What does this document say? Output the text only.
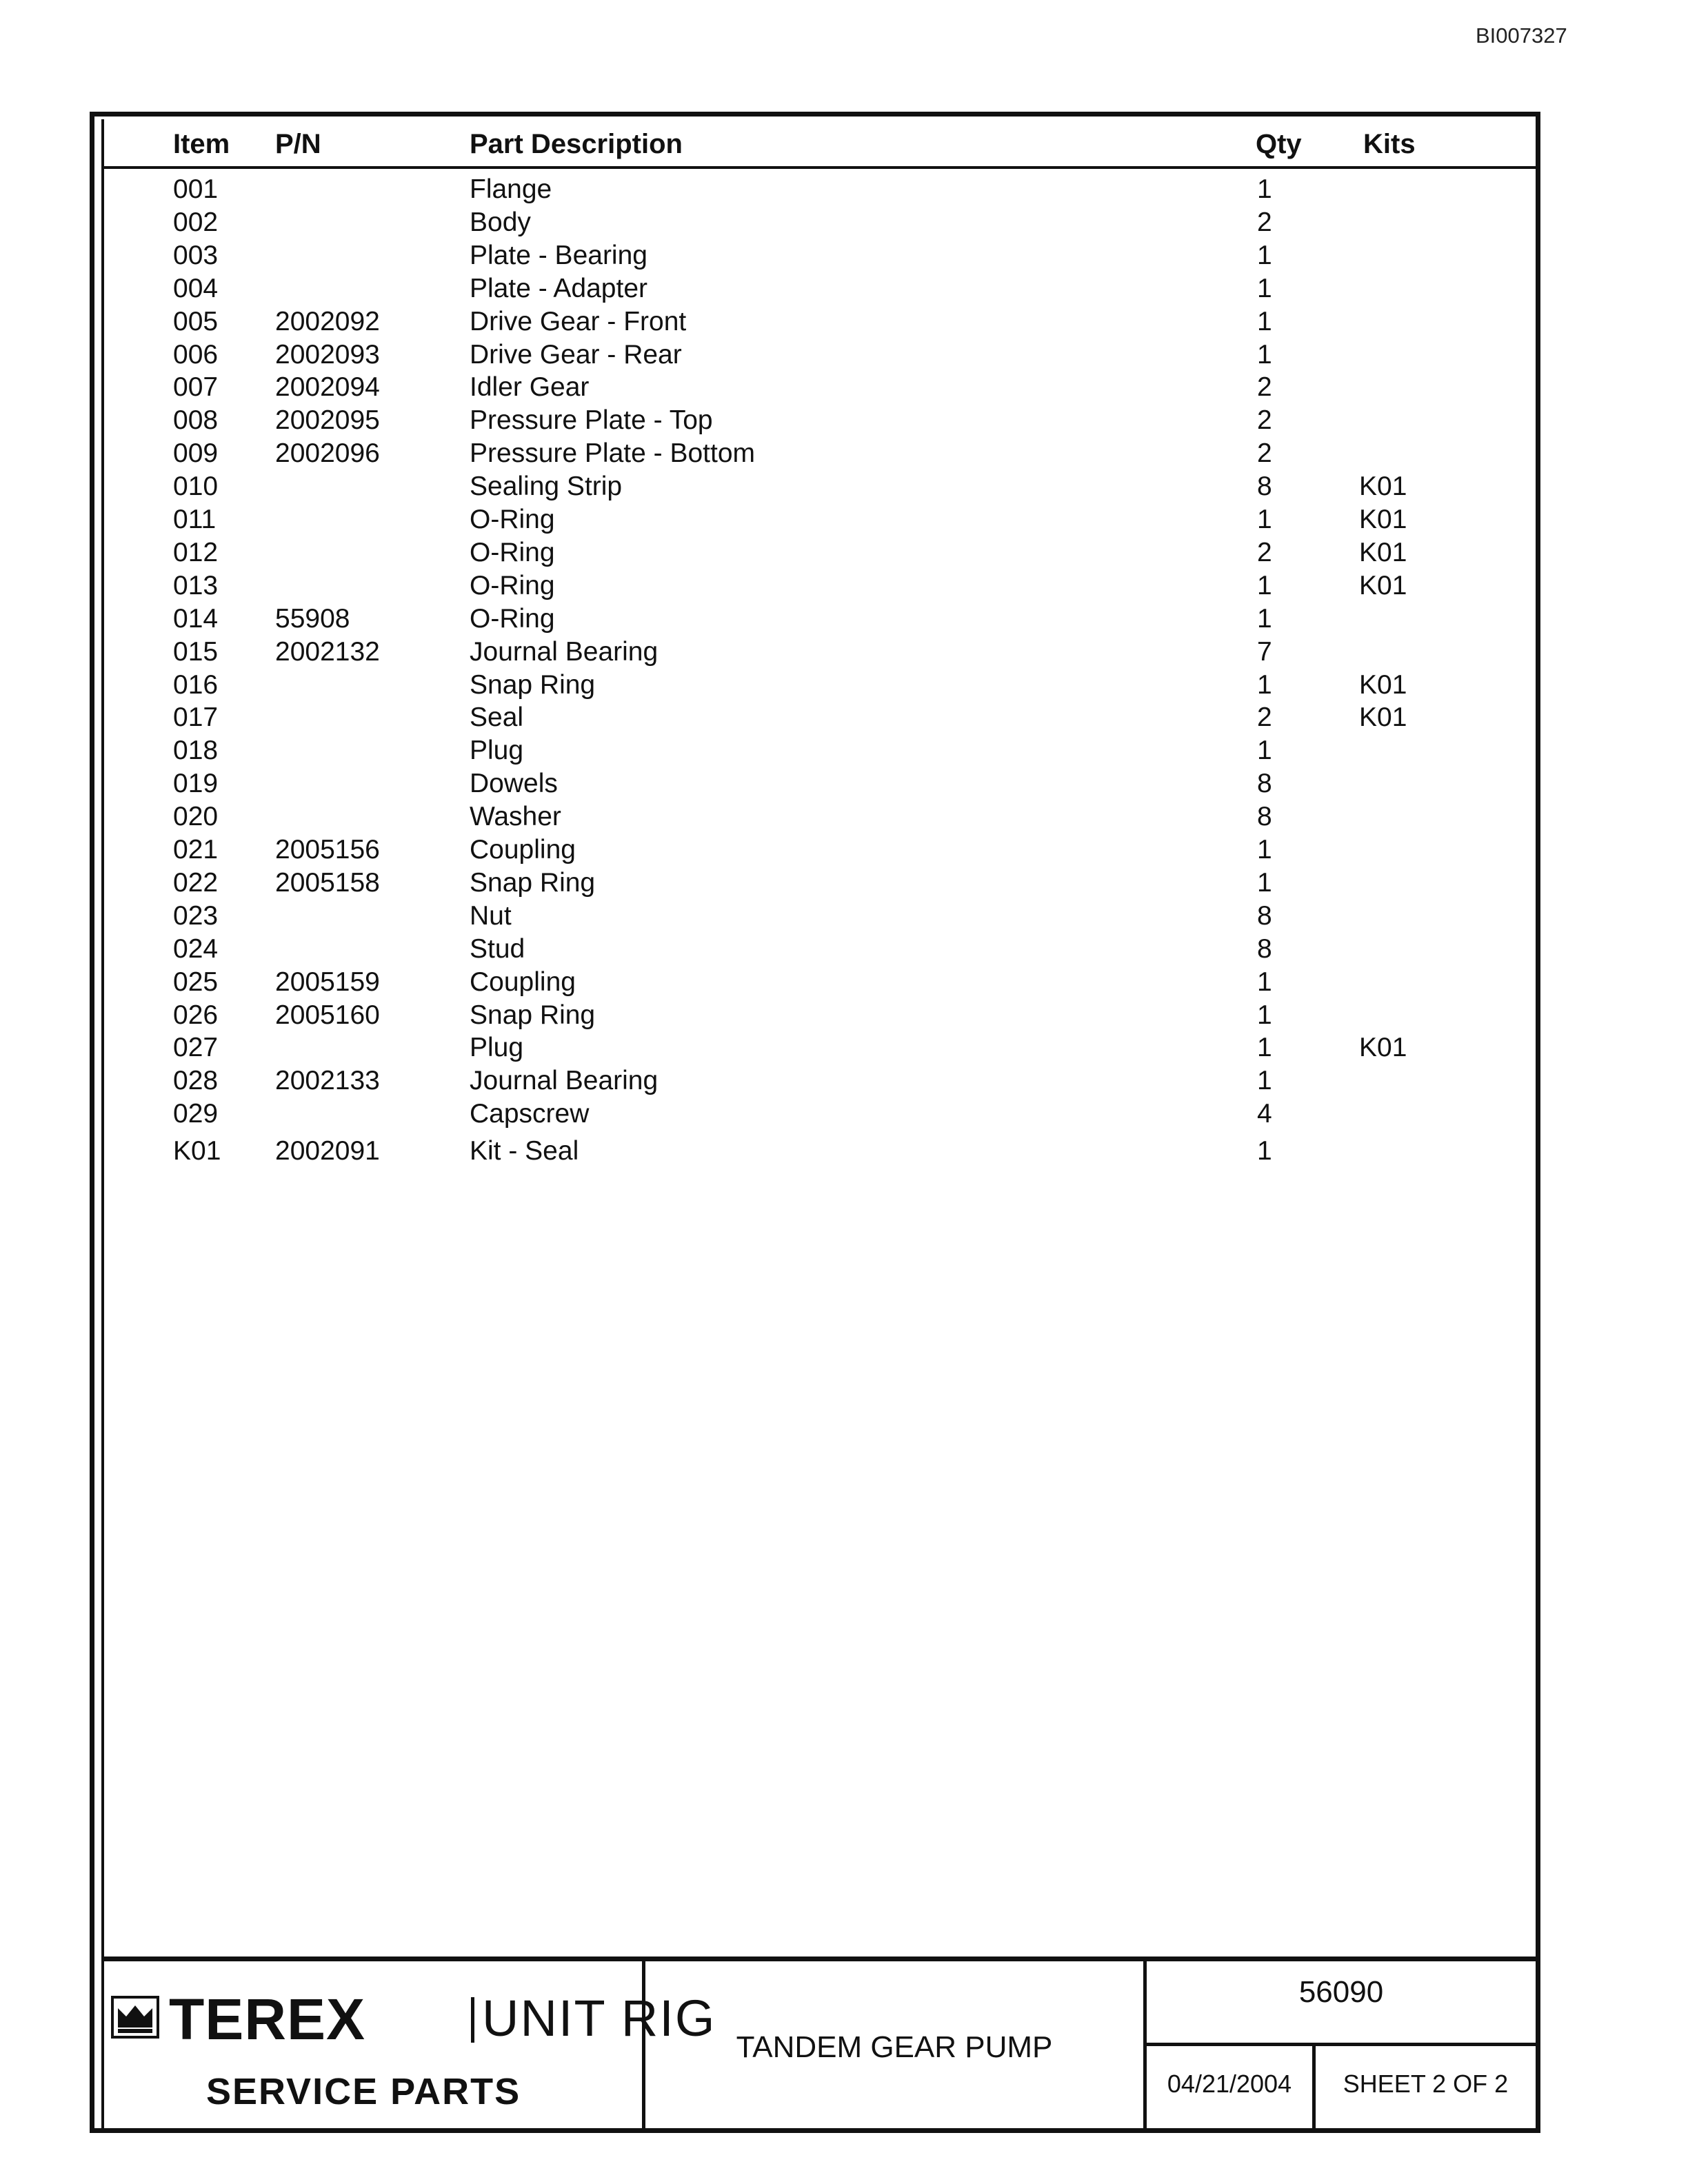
BI007327
Item P/N	Part Description	Qty Kits
001	Flange	1
002	Body	2
003	Plate - Bearing	1
004	Plate - Adapter	1
005 2002092	Drive Gear - Front	1
006 2002093	Drive Gear - Rear	1
007 2002094	Idler Gear	2
008 2002095	Pressure Plate - Top	2
009 2002096	Pressure Plate - Bottom	2
010	Sealing Strip	8	K01
011	O-Ring	1	K01
012	O-Ring	2	K01
013	O-Ring	1	K01
014 55908	O-Ring	1
015 2002132	Journal Bearing	7
016	Snap Ring	1	K01
017	Seal	2	K01
018	Plug	1
019	Dowels	8
020	Washer	8
021 2005156	Coupling	1
022 2005158	Snap Ring	1
023	Nut	8
024	Stud	8
025 2005159	Coupling	1
026 2005160	Snap Ring	1
027	Plug	1	K01
028 2002133	Journal Bearing	1
029	Capscrew	4
K01 2002091	Kit - Seal	1
TEREX UNIT RIG
SERVICE PARTS
TANDEM GEAR PUMP
56090
04/21/2004	SHEET 2 OF 2
